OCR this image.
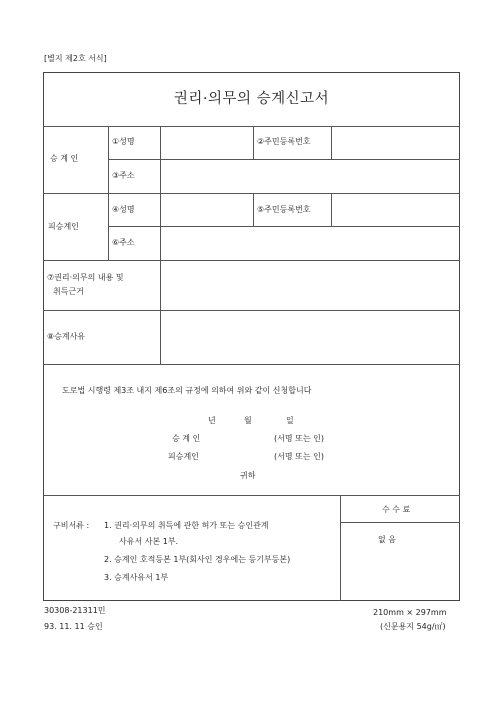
[별지 제2호 서식]
권리·의무의 승계신고서
승 계 인
①성명	②주민등록번호
③주소
피승계인
④성명	⑤주민등록번호
⑥주소
⑦권리·의무의 내용 및
취득근거
⑧승계사유
도로법 시행령 제3조 내지 제6조의 규정에 의하여 위와 같이 신청합니다
년	월	일
승 계 인	(서명 또는 인)
피승계인	(서명 또는 인)
귀하
구비서류 : 1. 권리·의무의 취득에 관한 허가 또는 승인관계
사유서 사본 1부.
2. 승계인 호적등본 1부(회사인 경우에는 등기부등본)
3. 승계사유서 1부
수 수 료
없 음
30308-21311민
93. 11. 11 승인
210mm × 297mm
(신문용지 54g/㎡)
